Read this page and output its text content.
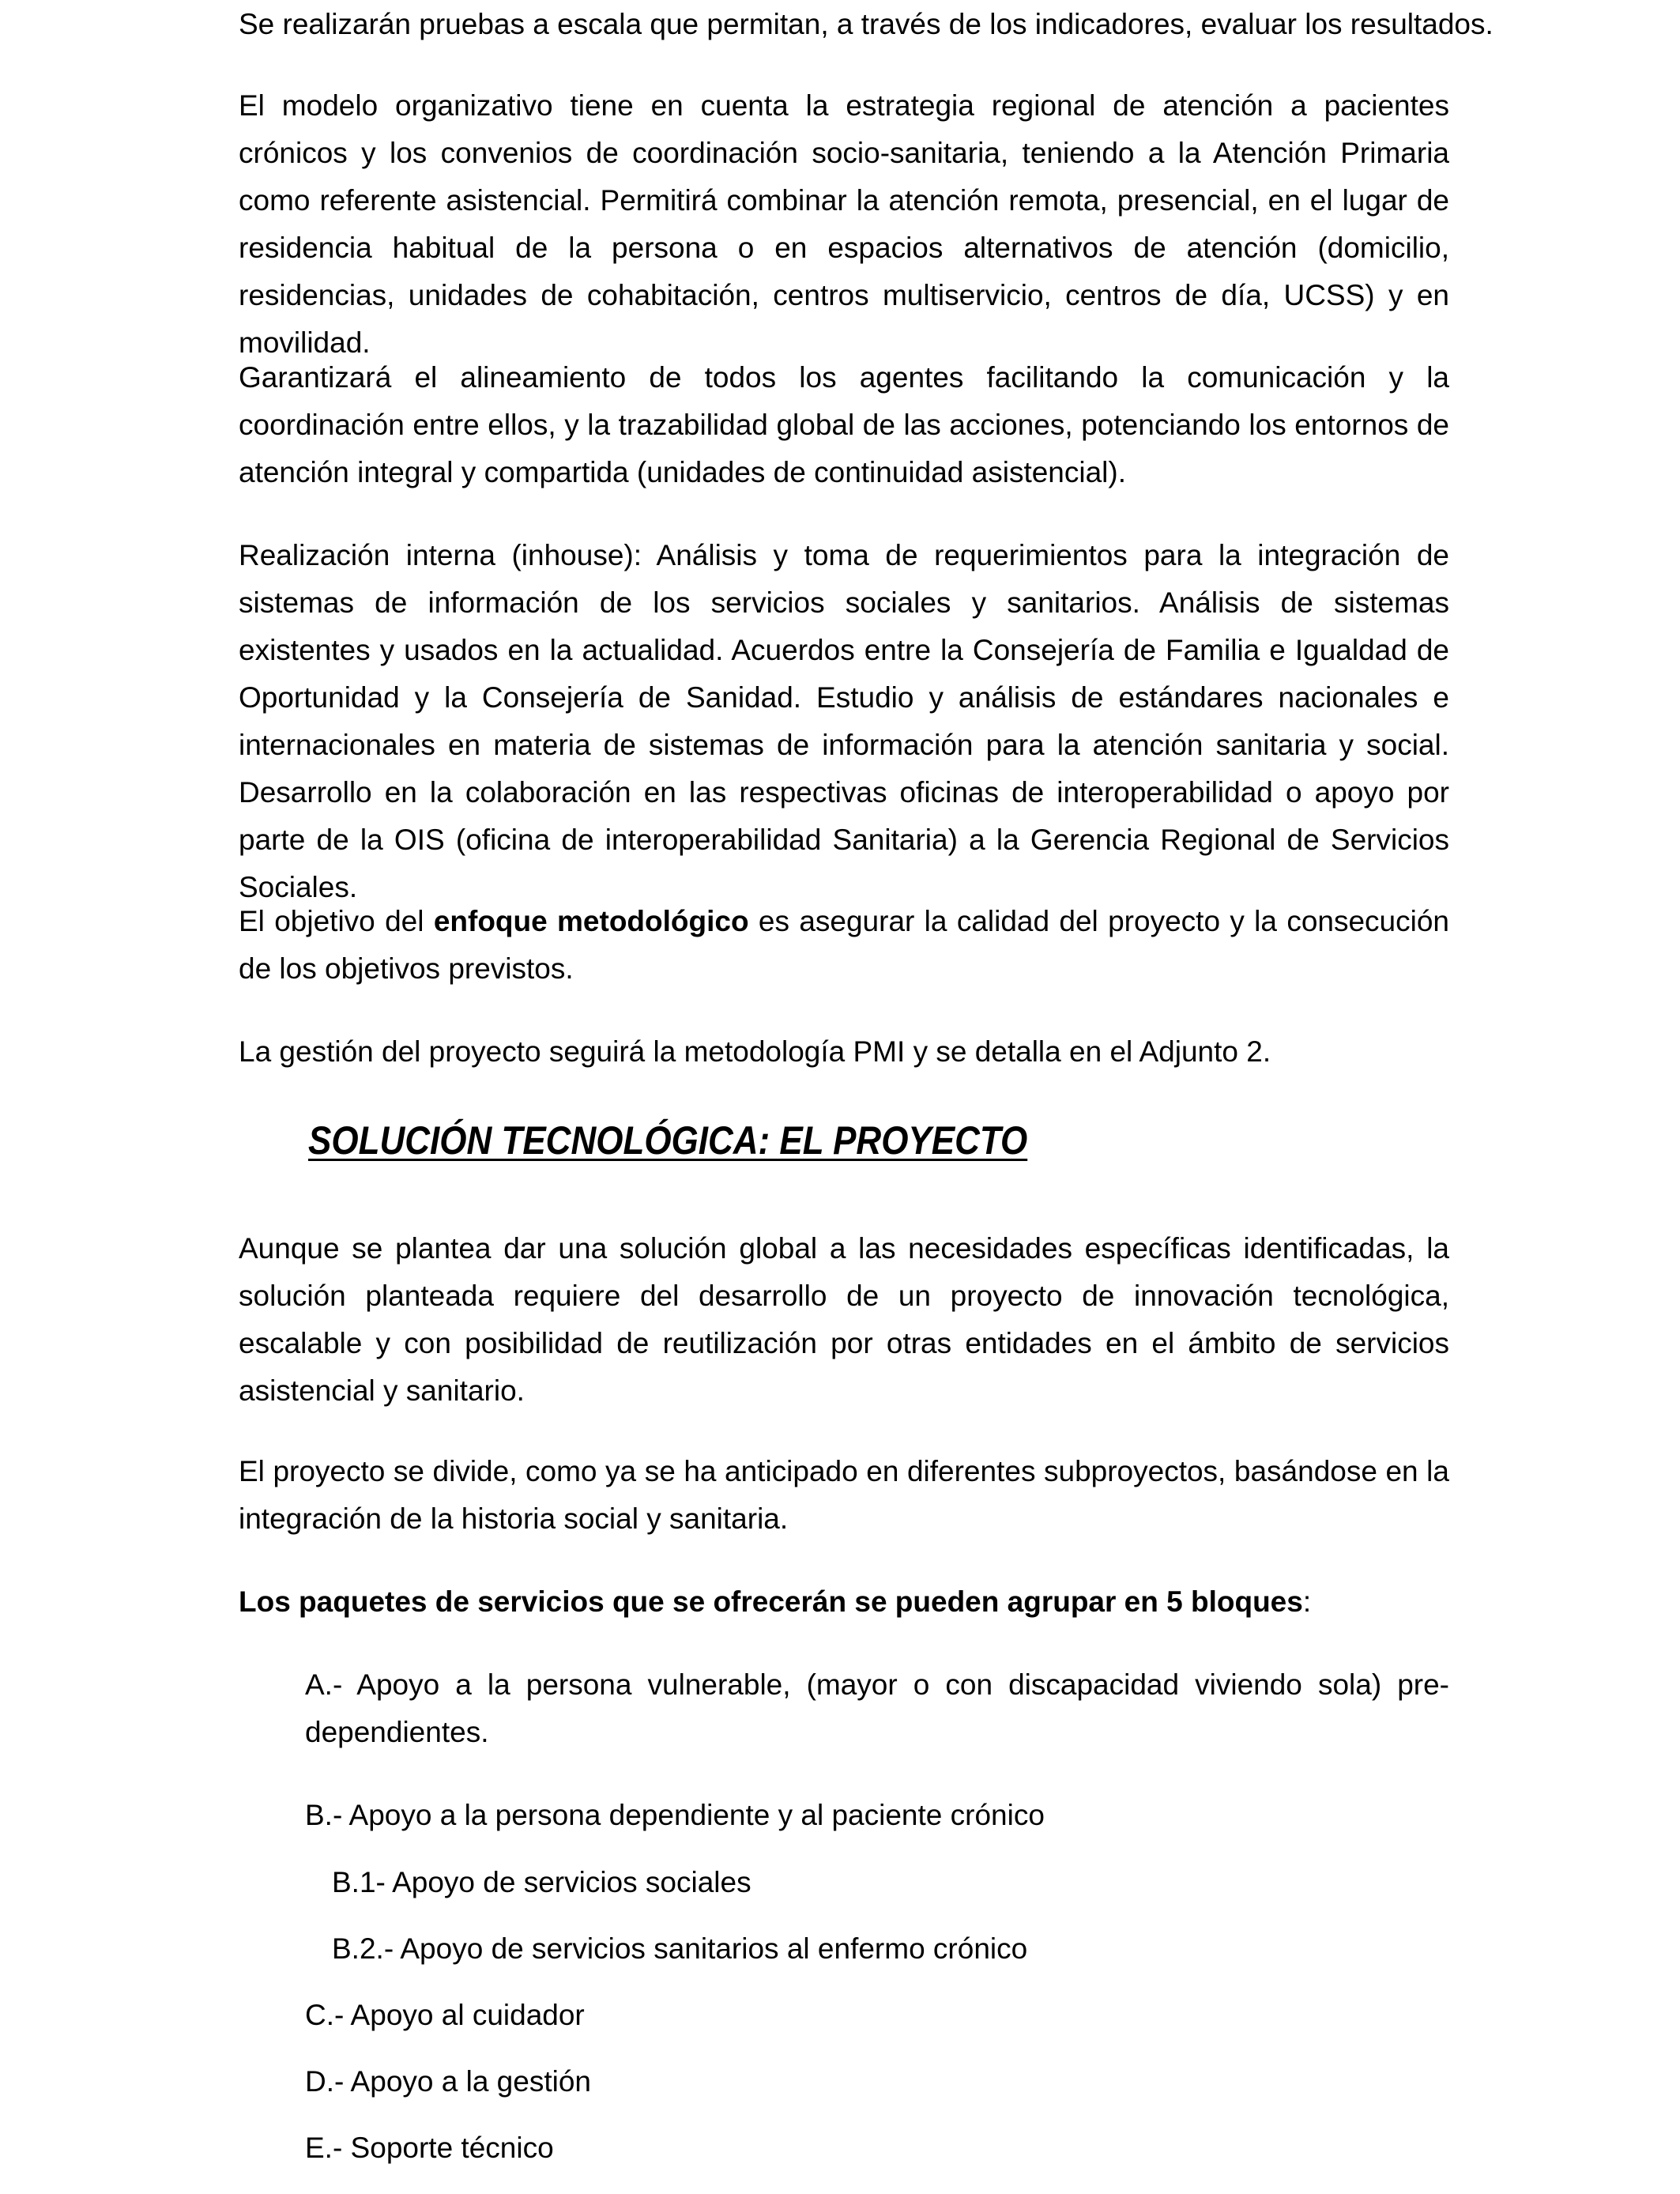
Se realizarán pruebas a escala que permitan, a través de los indicadores, evaluar los resultados.

El modelo organizativo tiene en cuenta la estrategia regional de atención a pacientes crónicos y los convenios de coordinación socio-sanitaria, teniendo a la Atención Primaria como referente asistencial. Permitirá combinar la atención remota, presencial, en el lugar de residencia habitual de la persona o en espacios alternativos de atención (domicilio, residencias, unidades de cohabitación, centros multiservicio, centros de día, UCSS) y en movilidad.

Garantizará el alineamiento de todos los agentes facilitando la comunicación y la coordinación entre ellos, y la trazabilidad global de las acciones, potenciando los entornos de atención integral y compartida (unidades de continuidad asistencial).

Realización interna (inhouse): Análisis y toma de requerimientos para la integración de sistemas de información de los servicios sociales y sanitarios. Análisis de sistemas existentes y usados en la actualidad. Acuerdos entre la Consejería de Familia e Igualdad de Oportunidad y la Consejería de Sanidad. Estudio y análisis de estándares nacionales e internacionales en materia de sistemas de información para la atención sanitaria y social. Desarrollo en la colaboración en las respectivas oficinas de interoperabilidad o apoyo por parte de la OIS (oficina de interoperabilidad Sanitaria) a la Gerencia Regional de Servicios Sociales.

El objetivo del enfoque metodológico es asegurar la calidad del proyecto y la consecución de los objetivos previstos.

La gestión del proyecto seguirá la metodología PMI y se detalla en el Adjunto 2.

SOLUCIÓN TECNOLÓGICA: EL PROYECTO

Aunque se plantea dar una solución global a las necesidades específicas identificadas, la solución planteada requiere del desarrollo de un proyecto de innovación tecnológica, escalable y con posibilidad de reutilización por otras entidades en el ámbito de servicios asistencial y sanitario.

El proyecto se divide, como ya se ha anticipado en diferentes subproyectos, basándose en la integración de la historia social y sanitaria.

Los paquetes de servicios que se ofrecerán se pueden agrupar en 5 bloques:

A.- Apoyo a la persona vulnerable, (mayor o con discapacidad viviendo sola) pre-dependientes.
B.- Apoyo a la persona dependiente y al paciente crónico
B.1- Apoyo de servicios sociales
B.2.- Apoyo de servicios sanitarios al enfermo crónico
C.- Apoyo al cuidador
D.- Apoyo a la gestión
E.- Soporte técnico
